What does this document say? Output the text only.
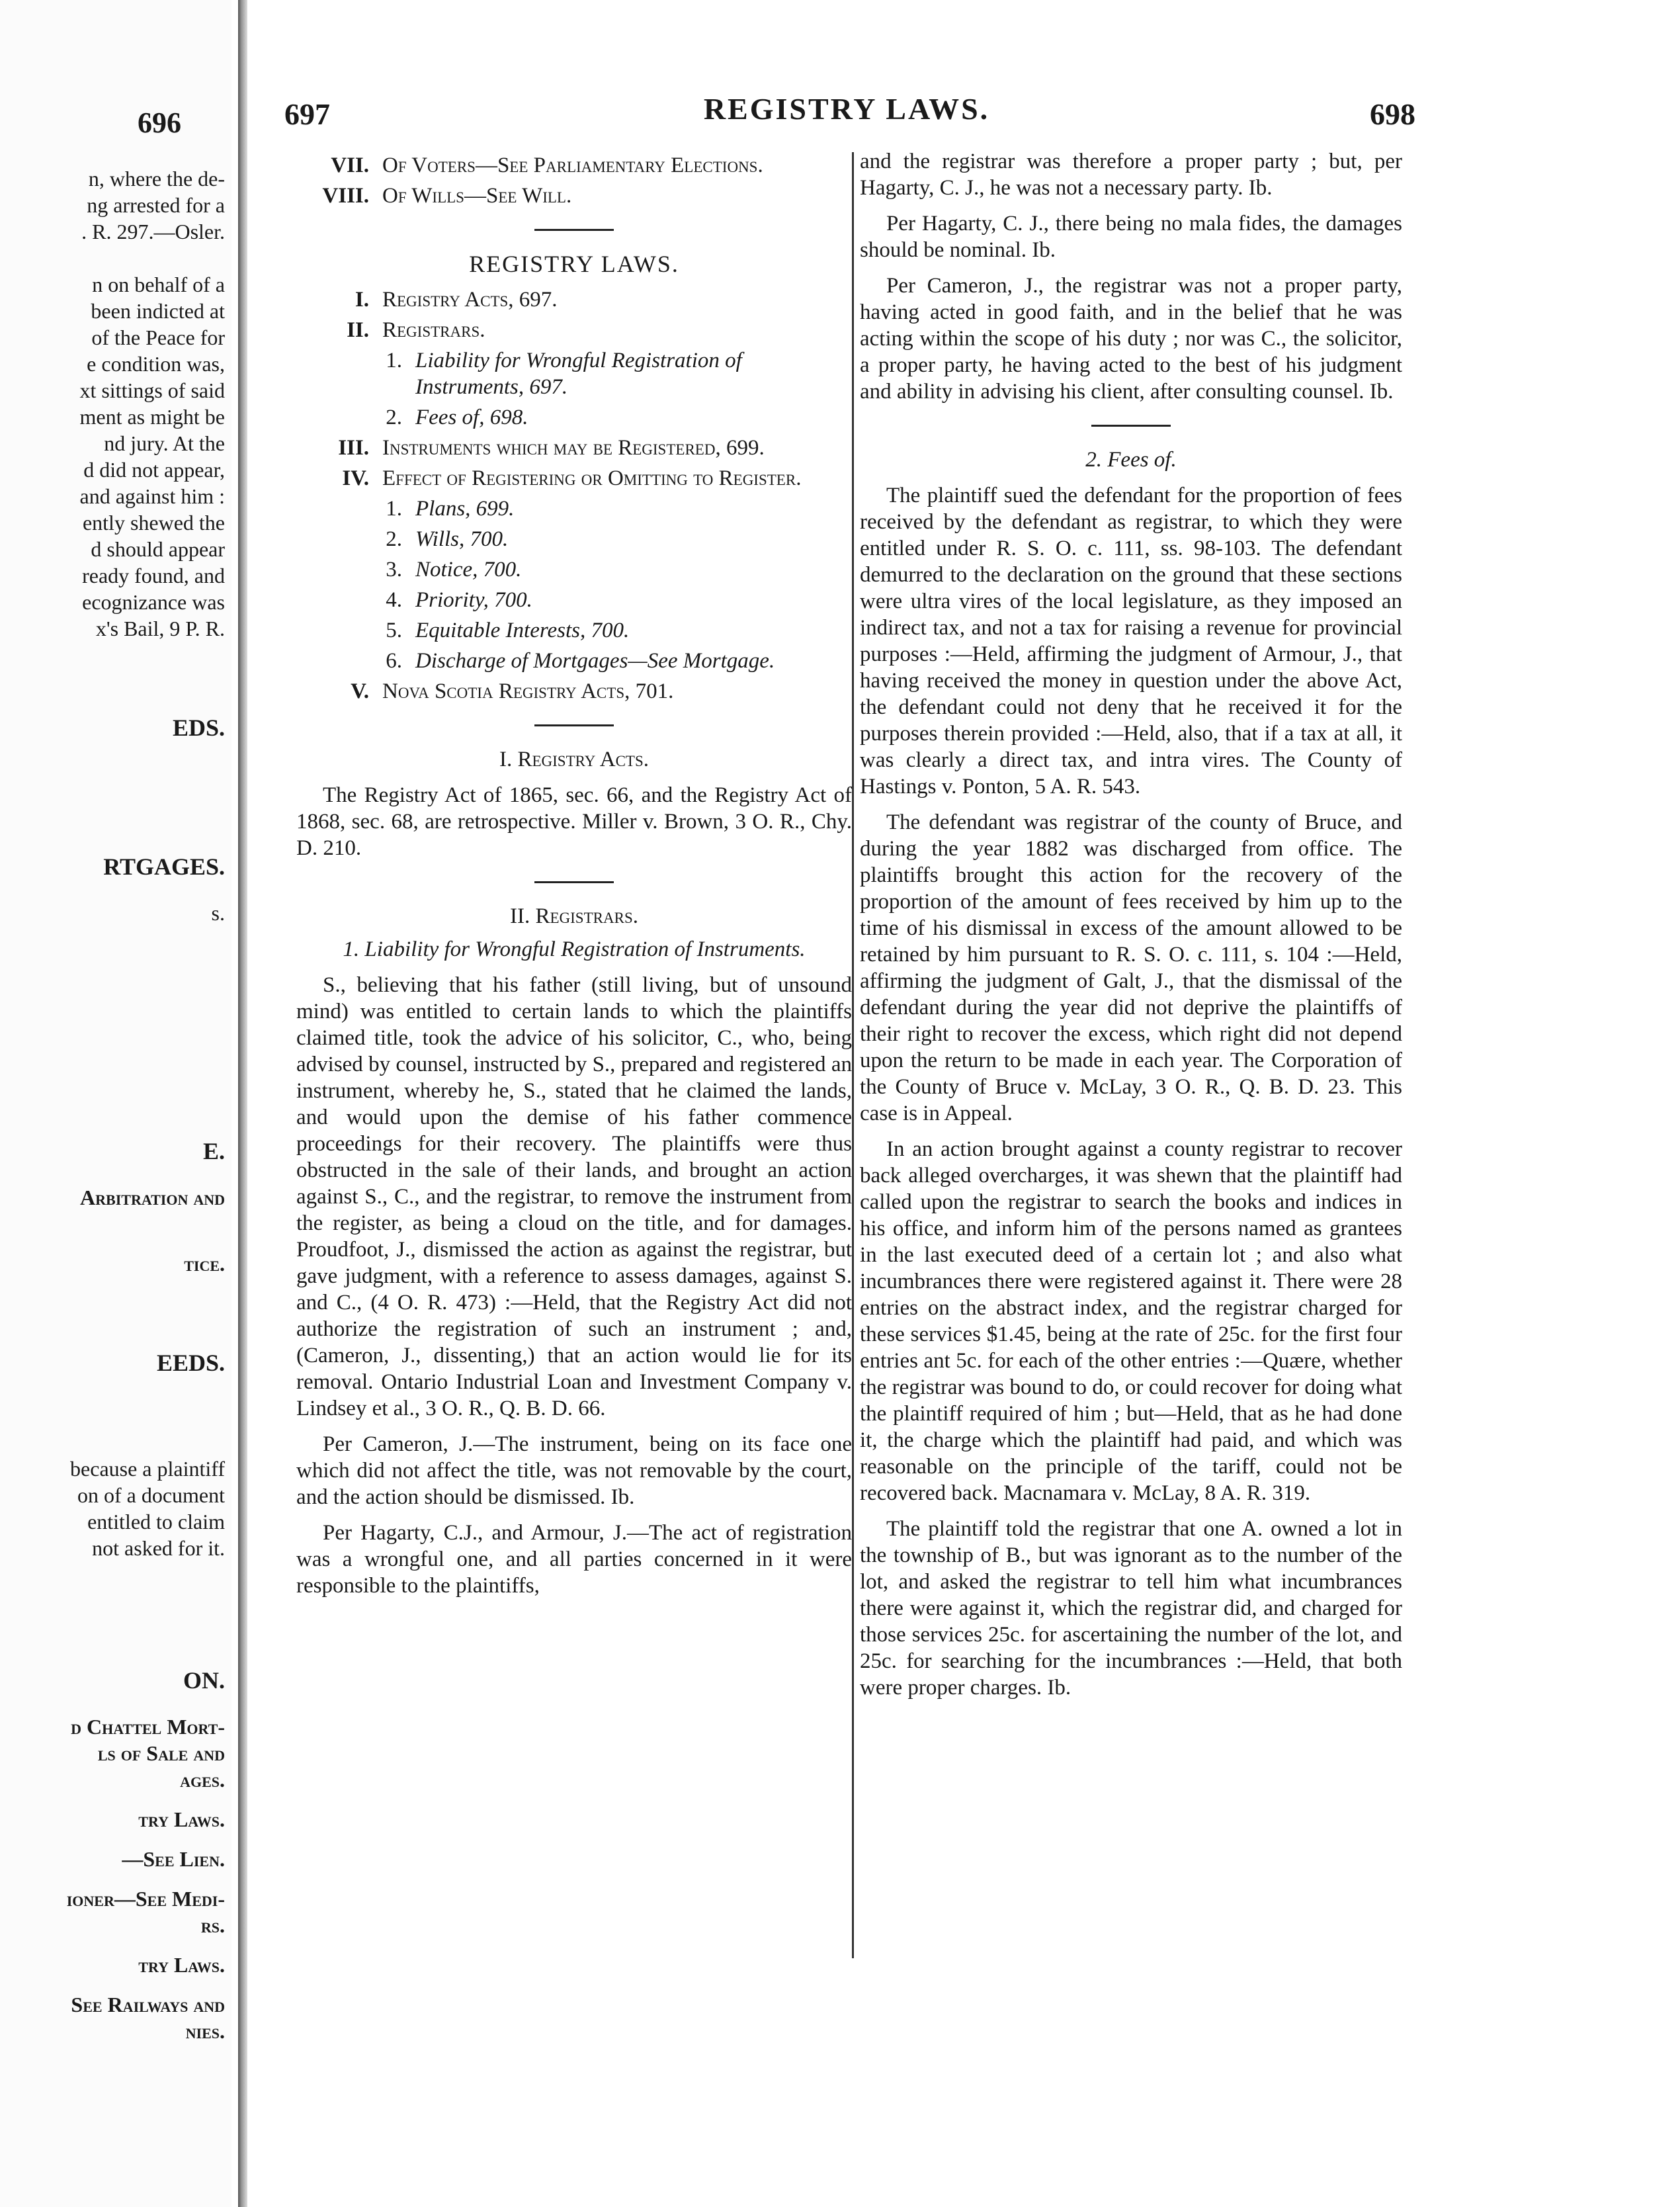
696
n, where the de-
ng arrested for a
. R. 297.—Osler.
n on behalf of a
been indicted at
of the Peace for
e condition was,
xt sittings of said
ment as might be
nd jury. At the
d did not appear,
and against him :
ently shewed the
d should appear
ready found, and
ecognizance was
x's Bail, 9 P. R.
EDS.
RTGAGES.
s.
E.
Arbitration and
tice.
EEDS.
because a plaintiff
on of a document
entitled to claim
not asked for it.
ON.
d Chattel Mort-
ls of Sale and
ages.
try Laws.
—See Lien.
ioner—See Medi-
rs.
try Laws.
See Railways and
nies.
697	REGISTRY LAWS.	698
VII. Of Voters—See Parliamentary Elections.
VIII. Of Wills—See Will.
REGISTRY LAWS.
I. Registry Acts, 697.
II. Registrars.
1. Liability for Wrongful Registration of Instruments, 697.
2. Fees of, 698.
III. Instruments which may be Registered, 699.
IV. Effect of Registering or Omitting to Register.
1. Plans, 699.
2. Wills, 700.
3. Notice, 700.
4. Priority, 700.
5. Equitable Interests, 700.
6. Discharge of Mortgages—See Mortgage.
V. Nova Scotia Registry Acts, 701.

I. Registry Acts.

The Registry Act of 1865, sec. 66, and the Registry Act of 1868, sec. 68, are retrospective. Miller v. Brown, 3 O. R., Chy. D. 210.

II. Registrars.

1. Liability for Wrongful Registration of Instruments.

S., believing that his father (still living, but of unsound mind) was entitled to certain lands to which the plaintiffs claimed title, took the advice of his solicitor, C., who, being advised by counsel, instructed by S., prepared and registered an instrument, whereby he, S., stated that he claimed the lands, and would upon the demise of his father commence proceedings for their recovery. The plaintiffs were thus obstructed in the sale of their lands, and brought an action against S., C., and the registrar, to remove the instrument from the register, as being a cloud on the title, and for damages. Proudfoot, J., dismissed the action as against the registrar, but gave judgment, with a reference to assess damages, against S. and C., (4 O. R. 473) :—Held, that the Registry Act did not authorize the registration of such an instrument ; and, (Cameron, J., dissenting,) that an action would lie for its removal. Ontario Industrial Loan and Investment Company v. Lindsey et al., 3 O. R., Q. B. D. 66.

Per Cameron, J.—The instrument, being on its face one which did not affect the title, was not removable by the court, and the action should be dismissed. Ib.

Per Hagarty, C.J., and Armour, J.—The act of registration was a wrongful one, and all parties concerned in it were responsible to the plaintiffs,

and the registrar was therefore a proper party ; but, per Hagarty, C. J., he was not a necessary party. Ib.

Per Hagarty, C. J., there being no mala fides, the damages should be nominal. Ib.

Per Cameron, J., the registrar was not a proper party, having acted in good faith, and in the belief that he was acting within the scope of his duty ; nor was C., the solicitor, a proper party, he having acted to the best of his judgment and ability in advising his client, after consulting counsel. Ib.

2. Fees of.

The plaintiff sued the defendant for the proportion of fees received by the defendant as registrar, to which they were entitled under R. S. O. c. 111, ss. 98-103. The defendant demurred to the declaration on the ground that these sections were ultra vires of the local legislature, as they imposed an indirect tax, and not a tax for raising a revenue for provincial purposes :—Held, affirming the judgment of Armour, J., that having received the money in question under the above Act, the defendant could not deny that he received it for the purposes therein provided :—Held, also, that if a tax at all, it was clearly a direct tax, and intra vires. The County of Hastings v. Ponton, 5 A. R. 543.

The defendant was registrar of the county of Bruce, and during the year 1882 was discharged from office. The plaintiffs brought this action for the recovery of the proportion of the amount of fees received by him up to the time of his dismissal in excess of the amount allowed to be retained by him pursuant to R. S. O. c. 111, s. 104 :—Held, affirming the judgment of Galt, J., that the dismissal of the defendant during the year did not deprive the plaintiffs of their right to recover the excess, which right did not depend upon the return to be made in each year. The Corporation of the County of Bruce v. McLay, 3 O. R., Q. B. D. 23. This case is in Appeal.

In an action brought against a county registrar to recover back alleged overcharges, it was shewn that the plaintiff had called upon the registrar to search the books and indices in his office, and inform him of the persons named as grantees in the last executed deed of a certain lot ; and also what incumbrances there were registered against it. There were 28 entries on the abstract index, and the registrar charged for these services $1.45, being at the rate of 25c. for the first four entries ant 5c. for each of the other entries :—Quære, whether the registrar was bound to do, or could recover for doing what the plaintiff required of him ; but—Held, that as he had done it, the charge which the plaintiff had paid, and which was reasonable on the principle of the tariff, could not be recovered back. Macnamara v. McLay, 8 A. R. 319.

The plaintiff told the registrar that one A. owned a lot in the township of B., but was ignorant as to the number of the lot, and asked the registrar to tell him what incumbrances there were against it, which the registrar did, and charged for those services 25c. for ascertaining the number of the lot, and 25c. for searching for the incumbrances :—Held, that both were proper charges. Ib.
